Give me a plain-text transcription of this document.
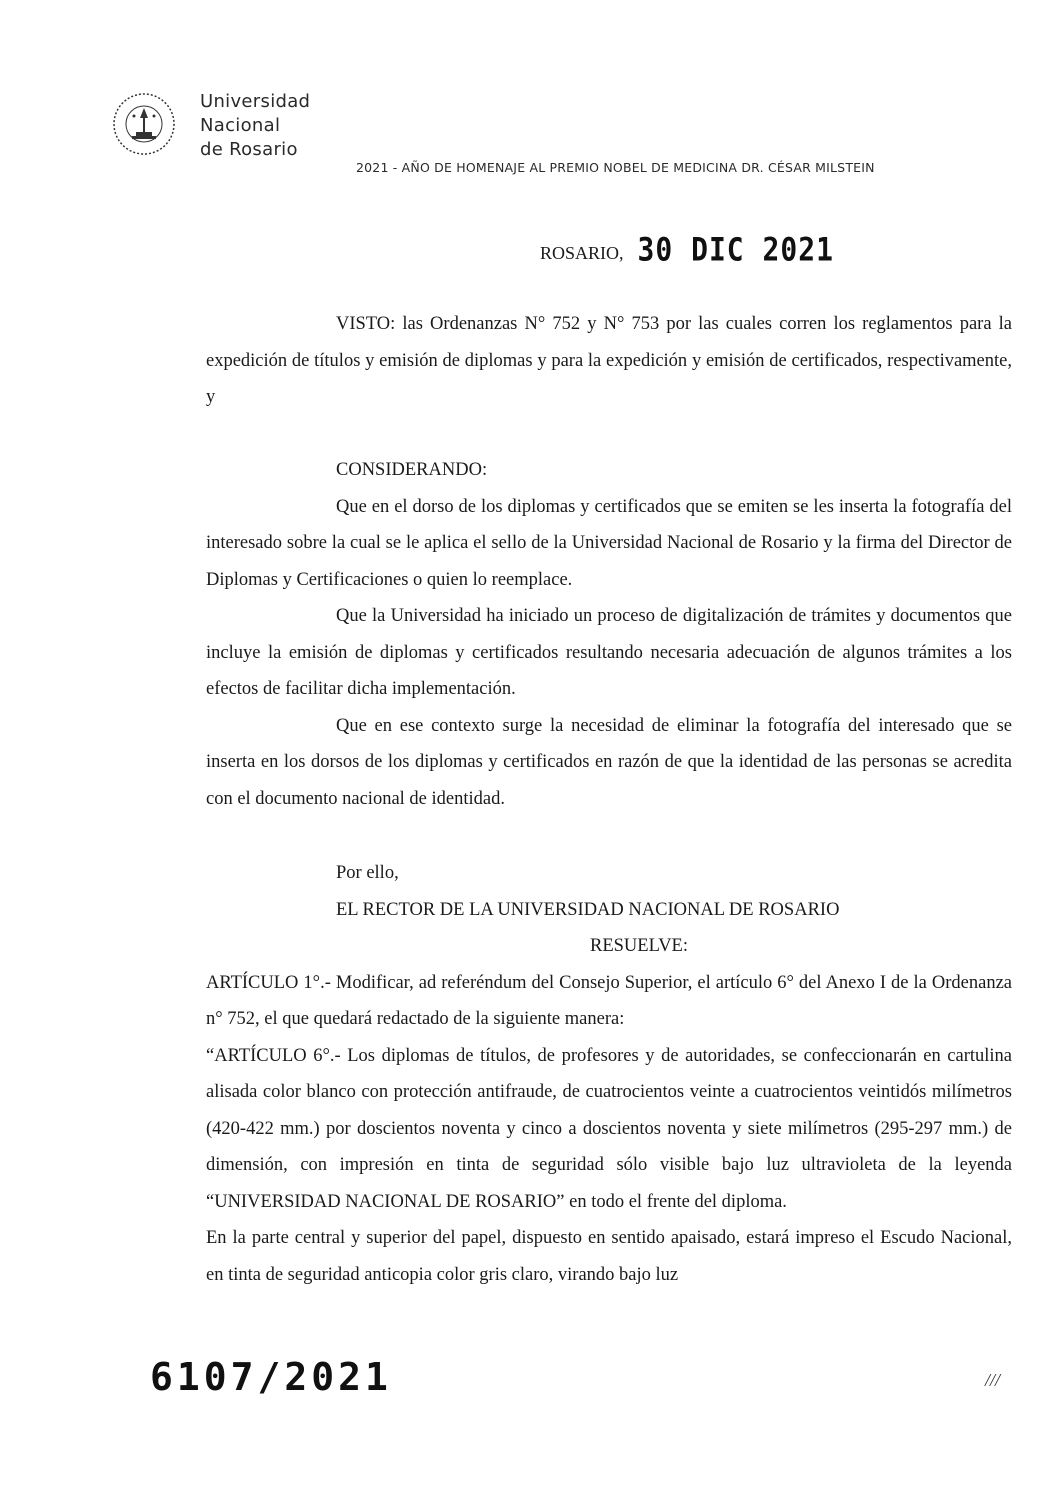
Universidad
Nacional
de Rosario
2021 - AÑO DE HOMENAJE AL PREMIO NOBEL DE MEDICINA DR. CÉSAR MILSTEIN
ROSARIO, 30 DIC 2021

VISTO: las Ordenanzas N° 752 y N° 753 por las cuales corren los reglamentos para la expedición de títulos y emisión de diplomas y para la expedición y emisión de certificados, respectivamente, y

CONSIDERANDO:

Que en el dorso de los diplomas y certificados que se emiten se les inserta la fotografía del interesado sobre la cual se le aplica el sello de la Universidad Nacional de Rosario y la firma del Director de Diplomas y Certificaciones o quien lo reemplace.

Que la Universidad ha iniciado un proceso de digitalización de trámites y documentos que incluye la emisión de diplomas y certificados resultando necesaria adecuación de algunos trámites a los efectos de facilitar dicha implementación.

Que en ese contexto surge la necesidad de eliminar la fotografía del interesado que se inserta en los dorsos de los diplomas y certificados en razón de que la identidad de las personas se acredita con el documento nacional de identidad.

Por ello,

EL RECTOR DE LA UNIVERSIDAD NACIONAL DE ROSARIO

RESUELVE:

ARTÍCULO 1°.- Modificar, ad referéndum del Consejo Superior, el artículo 6° del Anexo I de la Ordenanza n° 752, el que quedará redactado de la siguiente manera:

“ARTÍCULO 6°.- Los diplomas de títulos, de profesores y de autoridades, se confeccionarán en cartulina alisada color blanco con protección antifraude, de cuatrocientos veinte a cuatrocientos veintidós milímetros (420-422 mm.) por doscientos noventa y cinco a doscientos noventa y siete milímetros (295-297 mm.) de dimensión, con impresión en tinta de seguridad sólo visible bajo luz ultravioleta de la leyenda “UNIVERSIDAD NACIONAL DE ROSARIO” en todo el frente del diploma.

En la parte central y superior del papel, dispuesto en sentido apaisado, estará impreso el Escudo Nacional, en tinta de seguridad anticopia color gris claro, virando bajo luz

6107/2021	///
